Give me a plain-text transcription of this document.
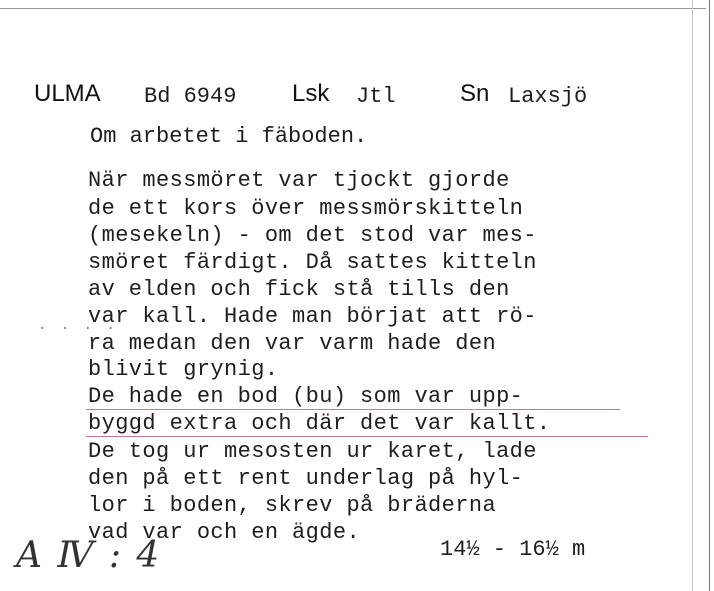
ULMA Bd 6949 Lsk Jtl	Sn Laxsjö
Om arbetet i fäboden.
När messmöret var tjockt gjorde
de ett kors över messmörskitteln
(mesekeln) - om det stod var mes-
smöret färdigt. Då sattes kitteln
av elden och fick stå tills den
var kall. Hade man börjat att rö-
ra medan den var varm hade den
blivit grynig.
De hade en bod (bu) som var upp-
byggd extra och där det var kallt.
De tog ur mesosten ur karet, lade
den på ett rent underlag på hyl-
lor i boden, skrev på bräderna
vad var och en ägde.
. . . .
A Ⅳ : 4	14½ - 16½ m
